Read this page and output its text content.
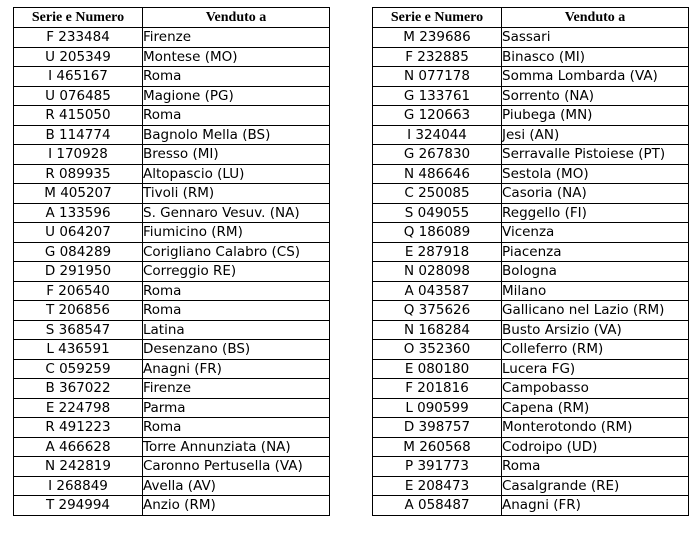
Serie e Numero	Venduto a
F 233484	Firenze
U 205349	Montese (MO)
I 465167	Roma
U 076485	Magione (PG)
R 415050	Roma
B 114774	Bagnolo Mella (BS)
I 170928	Bresso (MI)
R 089935	Altopascio (LU)
M 405207	Tivoli (RM)
A 133596	S. Gennaro Vesuv. (NA)
U 064207	Fiumicino (RM)
G 084289	Corigliano Calabro (CS)
D 291950	Correggio RE)
F 206540	Roma
T 206856	Roma
S 368547	Latina
L 436591	Desenzano (BS)
C 059259	Anagni (FR)
B 367022	Firenze
E 224798	Parma
R 491223	Roma
A 466628	Torre Annunziata (NA)
N 242819	Caronno Pertusella (VA)
I 268849	Avella (AV)
T 294994	Anzio (RM)
Serie e Numero	Venduto a
M 239686	Sassari
F 232885	Binasco (MI)
N 077178	Somma Lombarda (VA)
G 133761	Sorrento (NA)
G 120663	Piubega (MN)
I 324044	Jesi (AN)
G 267830	Serravalle Pistoiese (PT)
N 486646	Sestola (MO)
C 250085	Casoria (NA)
S 049055	Reggello (FI)
Q 186089	Vicenza
E 287918	Piacenza
N 028098	Bologna
A 043587	Milano
Q 375626	Gallicano nel Lazio (RM)
N 168284	Busto Arsizio (VA)
O 352360	Colleferro (RM)
E 080180	Lucera FG)
F 201816	Campobasso
L 090599	Capena (RM)
D 398757	Monterotondo (RM)
M 260568	Codroipo (UD)
P 391773	Roma
E 208473	Casalgrande (RE)
A 058487	Anagni (FR)
